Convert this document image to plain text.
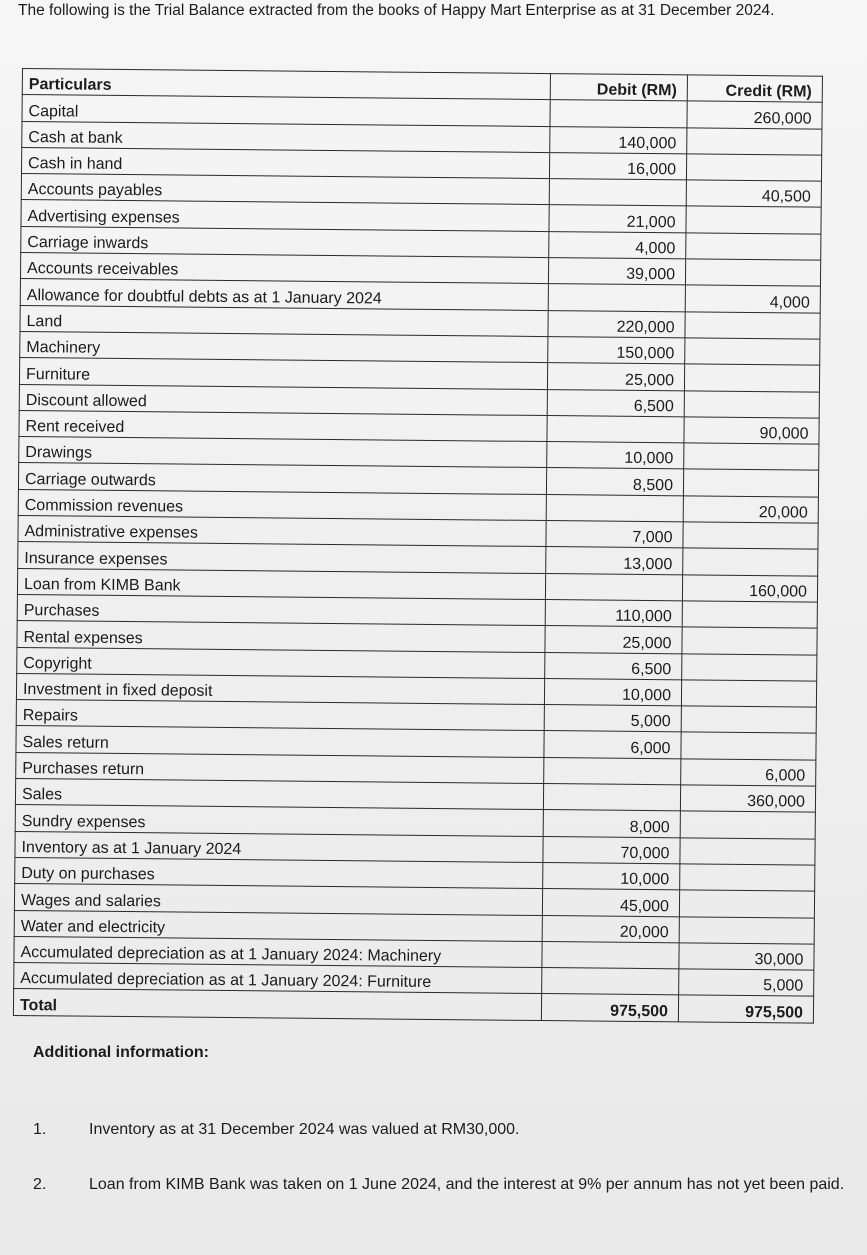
The following is the Trial Balance extracted from the books of Happy Mart Enterprise as at 31 December 2024.
Particulars	Debit (RM)	Credit (RM)
Capital		260,000
Cash at bank	140,000	
Cash in hand	16,000	
Accounts payables		40,500
Advertising expenses	21,000	
Carriage inwards	4,000	
Accounts receivables	39,000	
Allowance for doubtful debts as at 1 January 2024		4,000
Land	220,000	
Machinery	150,000	
Furniture	25,000	
Discount allowed	6,500	
Rent received		90,000
Drawings	10,000	
Carriage outwards	8,500	
Commission revenues		20,000
Administrative expenses	7,000	
Insurance expenses	13,000	
Loan from KIMB Bank		160,000
Purchases	110,000	
Rental expenses	25,000	
Copyright	6,500	
Investment in fixed deposit	10,000	
Repairs	5,000	
Sales return	6,000	
Purchases return		6,000
Sales		360,000
Sundry expenses	8,000	
Inventory as at 1 January 2024	70,000	
Duty on purchases	10,000	
Wages and salaries	45,000	
Water and electricity	20,000	
Accumulated depreciation as at 1 January 2024: Machinery		30,000
Accumulated depreciation as at 1 January 2024: Furniture		5,000
Total	975,500	975,500
Additional information:
1.	Inventory as at 31 December 2024 was valued at RM30,000.
2.	Loan from KIMB Bank was taken on 1 June 2024, and the interest at 9% per annum has not yet been paid.
